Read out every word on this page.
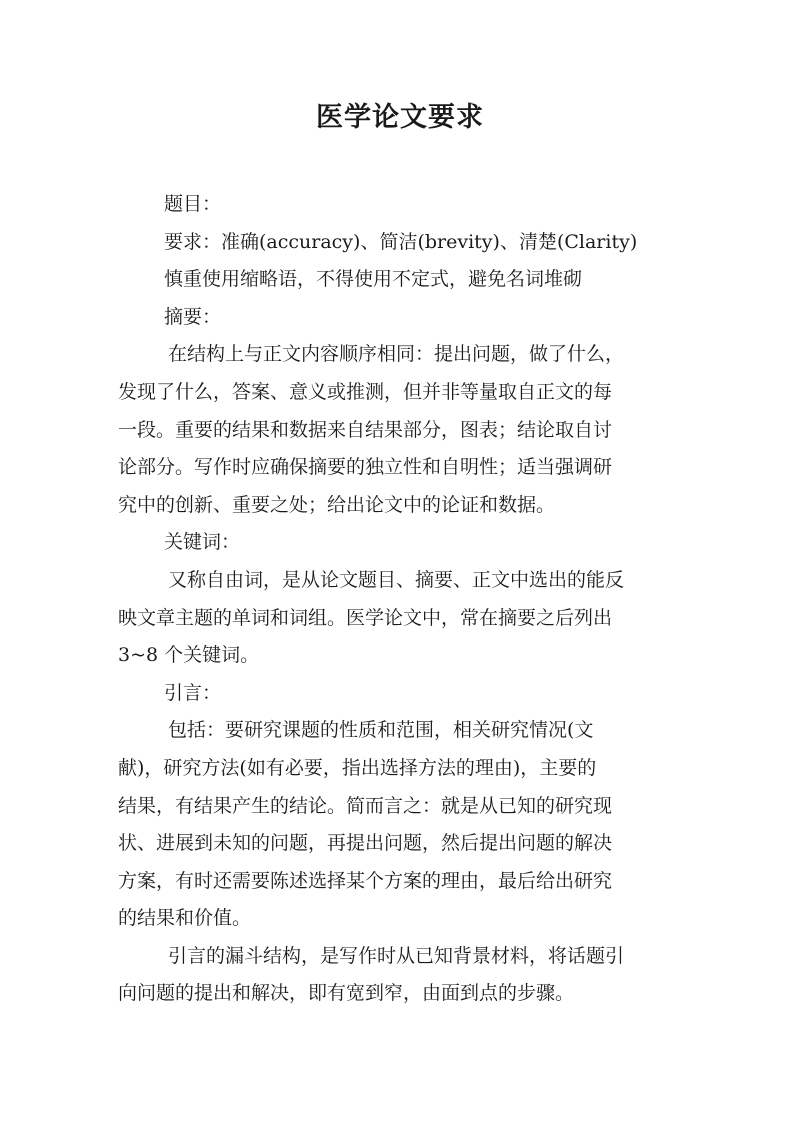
医学论文要求
题目：
要求：准确(accuracy)、简洁(brevity)、清楚(Clarity)
慎重使用缩略语，不得使用不定式，避免名词堆砌
摘要：
在结构上与正文内容顺序相同：提出问题，做了什么，
发现了什么，答案、意义或推测，但并非等量取自正文的每
一段。重要的结果和数据来自结果部分，图表；结论取自讨
论部分。写作时应确保摘要的独立性和自明性；适当强调研
究中的创新、重要之处；给出论文中的论证和数据。
关键词：
又称自由词，是从论文题目、摘要、正文中选出的能反
映文章主题的单词和词组。医学论文中，常在摘要之后列出
3~8 个关键词。
引言：
包括：要研究课题的性质和范围，相关研究情况(文
献)，研究方法(如有必要，指出选择方法的理由)，主要的
结果，有结果产生的结论。简而言之：就是从已知的研究现
状、进展到未知的问题，再提出问题，然后提出问题的解决
方案，有时还需要陈述选择某个方案的理由，最后给出研究
的结果和价值。
引言的漏斗结构，是写作时从已知背景材料，将话题引
向问题的提出和解决，即有宽到窄，由面到点的步骤。
